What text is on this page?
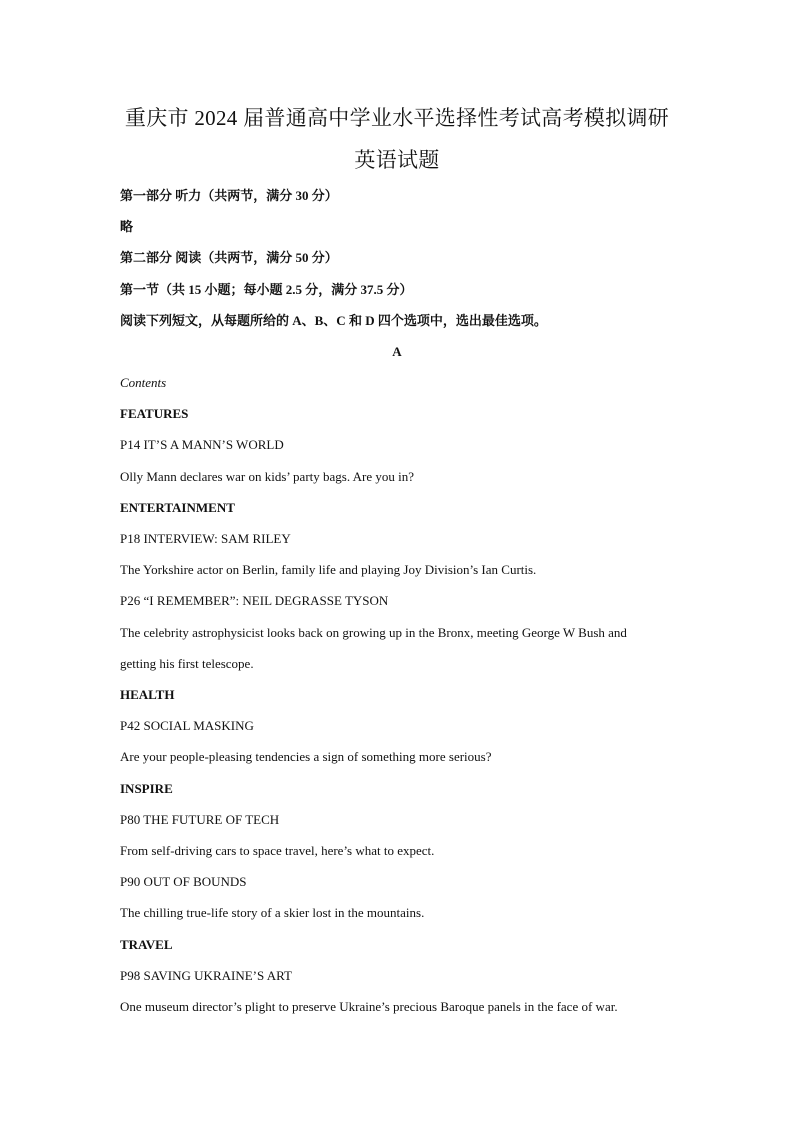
重庆市 2024 届普通高中学业水平选择性考试高考模拟调研
英语试题

第一部分 听力（共两节，满分 30 分）

略

第二部分 阅读（共两节，满分 50 分）

第一节（共 15 小题；每小题 2.5 分，满分 37.5 分）

阅读下列短文，从每题所给的 A、B、C 和 D 四个选项中，选出最佳选项。

A

Contents

FEATURES

P14 IT’S A MANN’S WORLD

Olly Mann declares war on kids’ party bags. Are you in?

ENTERTAINMENT

P18 INTERVIEW: SAM RILEY

The Yorkshire actor on Berlin, family life and playing Joy Division’s Ian Curtis.

P26 “I REMEMBER”: NEIL DEGRASSE TYSON

The celebrity astrophysicist looks back on growing up in the Bronx, meeting George W Bush and

getting his first telescope.

HEALTH

P42 SOCIAL MASKING

Are your people-pleasing tendencies a sign of something more serious?

INSPIRE

P80 THE FUTURE OF TECH

From self-driving cars to space travel, here’s what to expect.

P90 OUT OF BOUNDS

The chilling true-life story of a skier lost in the mountains.

TRAVEL

P98 SAVING UKRAINE’S ART

One museum director’s plight to preserve Ukraine’s precious Baroque panels in the face of war.
